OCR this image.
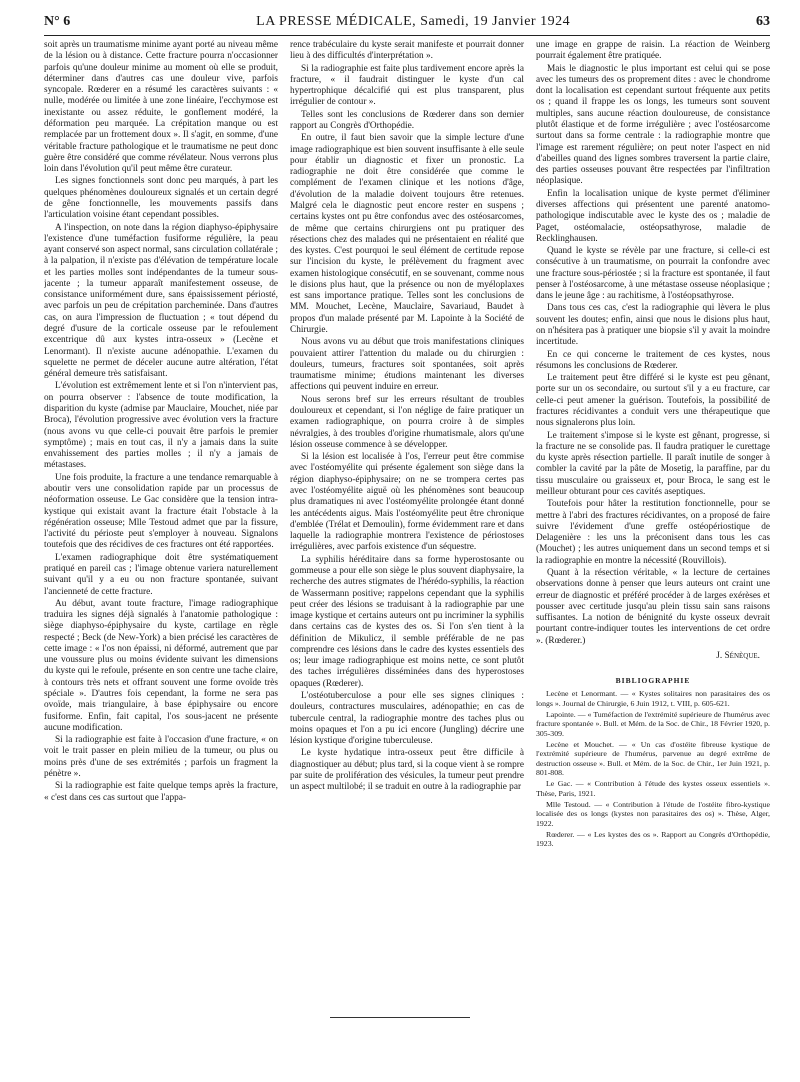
N° 6	LA PRESSE MÉDICALE, Samedi, 19 Janvier 1924	63

soit après un traumatisme minime ayant porté au niveau même de la lésion ou à distance. Cette fracture pourra n'occasionner parfois qu'une douleur minime au moment où elle se produit, déterminer dans d'autres cas une douleur vive, parfois syncopale. Rœderer en a résumé les caractères suivants : « nulle, modérée ou limitée à une zone linéaire, l'ecchymose est inexistante ou assez réduite, le gonflement modéré, la déformation peu marquée. La crépitation manque ou est remplacée par un frottement doux ». Il s'agit, en somme, d'une véritable fracture pathologique et le traumatisme ne peut donc guère être considéré que comme révélateur. Nous verrons plus loin dans l'évolution qu'il peut même être curateur.

Les signes fonctionnels sont donc peu marqués, à part les quelques phénomènes douloureux signalés et un certain degré de gêne fonctionnelle, les mouvements passifs dans l'articulation voisine étant cependant possibles.

A l'inspection, on note dans la région diaphyso-épiphysaire l'existence d'une tuméfaction fusiforme régulière, la peau ayant conservé son aspect normal, sans circulation collatérale ; à la palpation, il n'existe pas d'élévation de température locale et les parties molles sont indépendantes de la tumeur sous-jacente ; la tumeur apparaît manifestement osseuse, de consistance uniformément dure, sans épaississement périosté, avec parfois un peu de crépitation parcheminée. Dans d'autres cas, on aura l'impression de fluctuation ; « tout dépend du degré d'usure de la corticale osseuse par le refoulement excentrique dû aux kystes intra-osseux » (Lecène et Lenormant). Il n'existe aucune adénopathie. L'examen du squelette ne permet de déceler aucune autre altération, l'état général demeure très satisfaisant.

L'évolution est extrêmement lente et si l'on n'intervient pas, on pourra observer : l'absence de toute modification, la disparition du kyste (admise par Mauclaire, Mouchet, niée par Broca), l'évolution progressive avec évolution vers la fracture (nous avons vu que celle-ci pouvait être parfois le premier symptôme) ; mais en tout cas, il n'y a jamais dans la suite envahissement des parties molles ; il n'y a jamais de métastases.

Une fois produite, la fracture a une tendance remarquable à aboutir vers une consolidation rapide par un processus de néoformation osseuse. Le Gac considère que la tension intra-kystique qui existait avant la fracture était l'obstacle à la régénération osseuse; Mlle Testoud admet que par la fissure, l'activité du périoste peut s'employer à nouveau. Signalons toutefois que des récidives de ces fractures ont été rapportées.

L'examen radiographique doit être systématiquement pratiqué en pareil cas ; l'image obtenue variera naturellement suivant qu'il y a eu ou non fracture spontanée, suivant l'ancienneté de cette fracture.

Au début, avant toute fracture, l'image radiographique traduira les signes déjà signalés à l'anatomie pathologique : siège diaphyso-épiphysaire du kyste, cartilage en règle respecté ; Beck (de New-York) a bien précisé les caractères de cette image : « l'os non épaissi, ni déformé, autrement que par une voussure plus ou moins évidente suivant les dimensions du kyste qui le refoule, présente en son centre une tache claire, à contours très nets et offrant souvent une forme ovoïde très spéciale ». D'autres fois cependant, la forme ne sera pas ovoïde, mais triangulaire, à base épiphysaire ou encore fusiforme. Enfin, fait capital, l'os sous-jacent ne présente aucune modification.

Si la radiographie est faite à l'occasion d'une fracture, « on voit le trait passer en plein milieu de la tumeur, ou plus ou moins près d'une de ses extrémités ; parfois un fragment la pénètre ».

Si la radiographie est faite quelque temps après la fracture, « c'est dans ces cas surtout que l'appa-

rence trabéculaire du kyste serait manifeste et pourrait donner lieu à des difficultés d'interprétation ».

Si la radiographie est faite plus tardivement encore après la fracture, « il faudrait distinguer le kyste d'un cal hypertrophique décalcifié qui est plus transparent, plus irrégulier de contour ».

Telles sont les conclusions de Rœderer dans son dernier rapport au Congrès d'Orthopédie.

En outre, il faut bien savoir que la simple lecture d'une image radiographique est bien souvent insuffisante à elle seule pour établir un diagnostic et fixer un pronostic. La radiographie ne doit être considérée que comme le complément de l'examen clinique et les notions d'âge, d'évolution de la maladie doivent toujours être retenues. Malgré cela le diagnostic peut encore rester en suspens ; certains kystes ont pu être confondus avec des ostéosarcomes, de même que certains chirurgiens ont pu pratiquer des résections chez des malades qui ne présentaient en réalité que des kystes. C'est pourquoi le seul élément de certitude repose sur l'incision du kyste, le prélèvement du fragment avec examen histologique consécutif, en se souvenant, comme nous le disions plus haut, que la présence ou non de myéloplaxes est sans importance pratique. Telles sont les conclusions de MM. Mouchet, Lecène, Mauclaire, Savariaud, Baudet à propos d'un malade présenté par M. Lapointe à la Société de Chirurgie.

Nous avons vu au début que trois manifestations cliniques pouvaient attirer l'attention du malade ou du chirurgien : douleurs, tumeurs, fractures soit spontanées, soit après traumatisme minime; étudions maintenant les diverses affections qui peuvent induire en erreur.

Nous serons bref sur les erreurs résultant de troubles douloureux et cependant, si l'on néglige de faire pratiquer un examen radiographique, on pourra croire à de simples névralgies, à des troubles d'origine rhumatismale, alors qu'une lésion osseuse commence à se développer.

Si la lésion est localisée à l'os, l'erreur peut être commise avec l'ostéomyélite qui présente également son siège dans la région diaphyso-épiphysaire; on ne se trompera certes pas avec l'ostéomyélite aiguë où les phénomènes sont beaucoup plus dramatiques ni avec l'ostéomyélite prolongée étant donné les antécédents aigus. Mais l'ostéomyélite peut être chronique d'emblée (Trélat et Demoulin), forme évidemment rare et dans laquelle la radiographie montrera l'existence de périostoses irrégulières, avec parfois existence d'un séquestre.

La syphilis héréditaire dans sa forme hyperostosante ou gommeuse a pour elle son siège le plus souvent diaphysaire, la recherche des autres stigmates de l'hérédo-syphilis, la réaction de Wassermann positive; rappelons cependant que la syphilis peut créer des lésions se traduisant à la radiographie par une image kystique et certains auteurs ont pu incriminer la syphilis dans certains cas de kystes des os. Si l'on s'en tient à la définition de Mikulicz, il semble préférable de ne pas comprendre ces lésions dans le cadre des kystes essentiels des os; leur image radiographique est moins nette, ce sont plutôt des taches irrégulières disséminées dans des hyperostoses opaques (Rœderer).

L'ostéotuberculose a pour elle ses signes cliniques : douleurs, contractures musculaires, adénopathie; en cas de tubercule central, la radiographie montre des taches plus ou moins opaques et l'on a pu ici encore (Jungling) décrire une lésion kystique d'origine tuberculeuse.

Le kyste hydatique intra-osseux peut être difficile à diagnostiquer au début; plus tard, si la coque vient à se rompre par suite de prolifération des vésicules, la tumeur peut prendre un aspect multilobé; il se traduit en outre à la radiographie par

une image en grappe de raisin. La réaction de Weinberg pourrait également être pratiquée.

Mais le diagnostic le plus important est celui qui se pose avec les tumeurs des os proprement dites : avec le chondrome dont la localisation est cependant surtout fréquente aux petits os ; quand il frappe les os longs, les tumeurs sont souvent multiples, sans aucune réaction douloureuse, de consistance plutôt élastique et de forme irrégulière ; avec l'ostéosarcome surtout dans sa forme centrale : la radiographie montre que l'image est rarement régulière; on peut noter l'aspect en nid d'abeilles quand des lignes sombres traversent la partie claire, des parties osseuses pouvant être respectées par l'infiltration néoplasique.

Enfin la localisation unique de kyste permet d'éliminer diverses affections qui présentent une parenté anatomo-pathologique indiscutable avec le kyste des os ; maladie de Paget, ostéomalacie, ostéopsathyrose, maladie de Recklinghausen.

Quand le kyste se révèle par une fracture, si celle-ci est consécutive à un traumatisme, on pourrait la confondre avec une fracture sous-périostée ; si la fracture est spontanée, il faut penser à l'ostéosarcome, à une métastase osseuse néoplasique ; dans le jeune âge : au rachitisme, à l'ostéopsathyrose.

Dans tous ces cas, c'est la radiographie qui lèvera le plus souvent les doutes; enfin, ainsi que nous le disions plus haut, on n'hésitera pas à pratiquer une biopsie s'il y avait la moindre incertitude.

En ce qui concerne le traitement de ces kystes, nous résumons les conclusions de Rœderer.

Le traitement peut être différé si le kyste est peu gênant, porte sur un os secondaire, ou surtout s'il y a eu fracture, car celle-ci peut amener la guérison. Toutefois, la possibilité de fractures récidivantes a conduit vers une thérapeutique que nous signalerons plus loin.

Le traitement s'impose si le kyste est gênant, progresse, si la fracture ne se consolide pas. Il faudra pratiquer le curettage du kyste après résection partielle. Il paraît inutile de songer à combler la cavité par la pâte de Mosetig, la paraffine, par du tissu musculaire ou graisseux et, pour Broca, le sang est le meilleur obturant pour ces cavités aseptiques.

Toutefois pour hâter la restitution fonctionnelle, pour se mettre à l'abri des fractures récidivantes, on a proposé de faire suivre l'évidement d'une greffe ostéopériostique de Delagenière : les uns la préconisent dans tous les cas (Mouchet) ; les autres uniquement dans un second temps et si la radiographie en montre la nécessité (Rouvillois).

Quant à la résection véritable, « la lecture de certaines observations donne à penser que leurs auteurs ont craint une erreur de diagnostic et préféré procéder à de larges exérèses et pousser avec certitude jusqu'au plein tissu sain sans raisons suffisantes. La notion de bénignité du kyste osseux devrait pourtant contre-indiquer toutes les interventions de cet ordre ». (Rœderer.)

J. Sénèque.
BIBLIOGRAPHIE

Lecène et Lenormant. — « Kystes solitaires non parasitaires des os longs ». Journal de Chirurgie, 6 Juin 1912, t. VIII, p. 605-621.

Lapointe. — « Tuméfaction de l'extrémité supérieure de l'humérus avec fracture spontanée ». Bull. et Mém. de la Soc. de Chir., 18 Février 1920, p. 305-309.

Lecène et Mouchet. — « Un cas d'ostéite fibreuse kystique de l'extrémité supérieure de l'humérus, parvenue au degré extrême de destruction osseuse ». Bull. et Mém. de la Soc. de Chir., 1er Juin 1921, p. 801-808.

Le Gac. — « Contribution à l'étude des kystes osseux essentiels ». Thèse, Paris, 1921.

Mlle Testoud. — « Contribution à l'étude de l'ostéite fibro-kystique localisée des os longs (kystes non parasitaires des os) ». Thèse, Alger, 1922.

Rœderer. — « Les kystes des os ». Rapport au Congrès d'Orthopédie, 1923.
